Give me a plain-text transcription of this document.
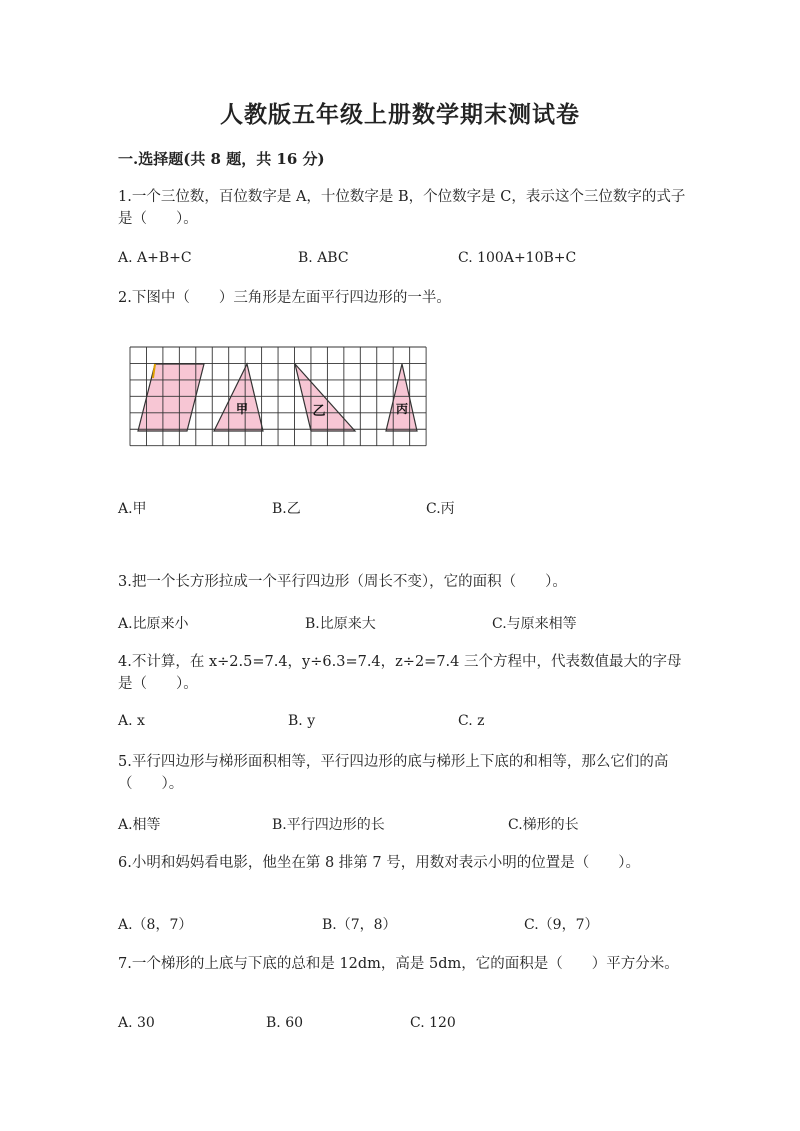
人教版五年级上册数学期末测试卷
一.选择题(共 8 题，共 16 分)
1.一个三位数，百位数字是 A，十位数字是 B，个位数字是 C，表示这个三位数字的式子是（　　）。
A. A+B+C	B. ABC	C. 100A+10B+C
2.下图中（　　）三角形是左面平行四边形的一半。
甲	乙	丙
A.甲	B.乙	C.丙
3.把一个长方形拉成一个平行四边形（周长不变），它的面积（　　）。
A.比原来小	B.比原来大	C.与原来相等
4.不计算，在 x÷2.5=7.4，y÷6.3=7.4，z÷2=7.4 三个方程中，代表数值最大的字母是（　　）。
A. x	B. y	C. z
5.平行四边形与梯形面积相等，平行四边形的底与梯形上下底的和相等，那么它们的高（　　）。
A.相等	B.平行四边形的长	C.梯形的长
6.小明和妈妈看电影，他坐在第 8 排第 7 号，用数对表示小明的位置是（　　）。
A.（8，7）	B.（7，8）	C.（9，7）
7.一个梯形的上底与下底的总和是 12dm，高是 5dm，它的面积是（　　）平方分米。
A. 30	B. 60	C. 120
